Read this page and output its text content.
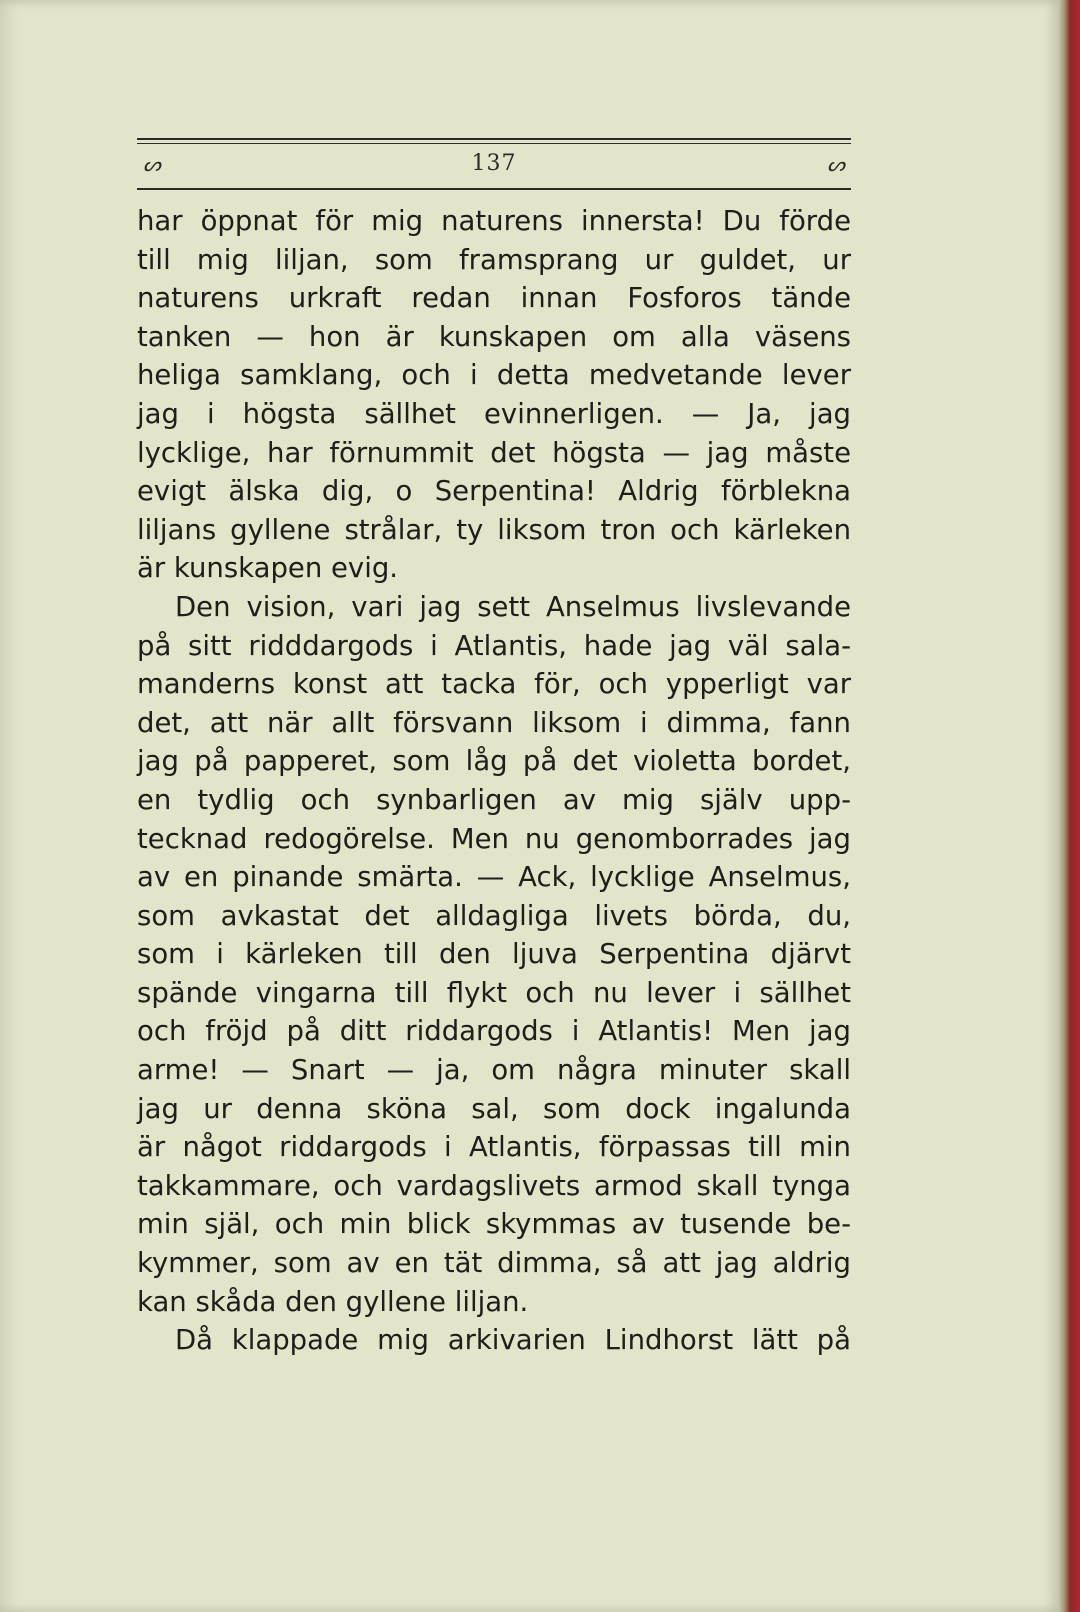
ᔕ	137	ᔕ
har öppnat för mig naturens innersta! Du förde
till mig liljan, som framsprang ur guldet, ur
naturens urkraft redan innan Fosforos tände
tanken — hon är kunskapen om alla väsens
heliga samklang, och i detta medvetande lever
jag i högsta sällhet evinnerligen. — Ja, jag
lycklige, har förnummit det högsta — jag måste
evigt älska dig, o Serpentina! Aldrig förblekna
liljans gyllene strålar, ty liksom tron och kärleken
är kunskapen evig.
Den vision, vari jag sett Anselmus livslevande
på sitt ridddargods i Atlantis, hade jag väl sala-
manderns konst att tacka för, och ypperligt var
det, att när allt försvann liksom i dimma, fann
jag på papperet, som låg på det violetta bordet,
en tydlig och synbarligen av mig själv upp-
tecknad redogörelse. Men nu genomborrades jag
av en pinande smärta. — Ack, lycklige Anselmus,
som avkastat det alldagliga livets börda, du,
som i kärleken till den ljuva Serpentina djärvt
spände vingarna till flykt och nu lever i sällhet
och fröjd på ditt riddargods i Atlantis! Men jag
arme! — Snart — ja, om några minuter skall
jag ur denna sköna sal, som dock ingalunda
är något riddargods i Atlantis, förpassas till min
takkammare, och vardagslivets armod skall tynga
min själ, och min blick skymmas av tusende be-
kymmer, som av en tät dimma, så att jag aldrig
kan skåda den gyllene liljan.
Då klappade mig arkivarien Lindhorst lätt på
